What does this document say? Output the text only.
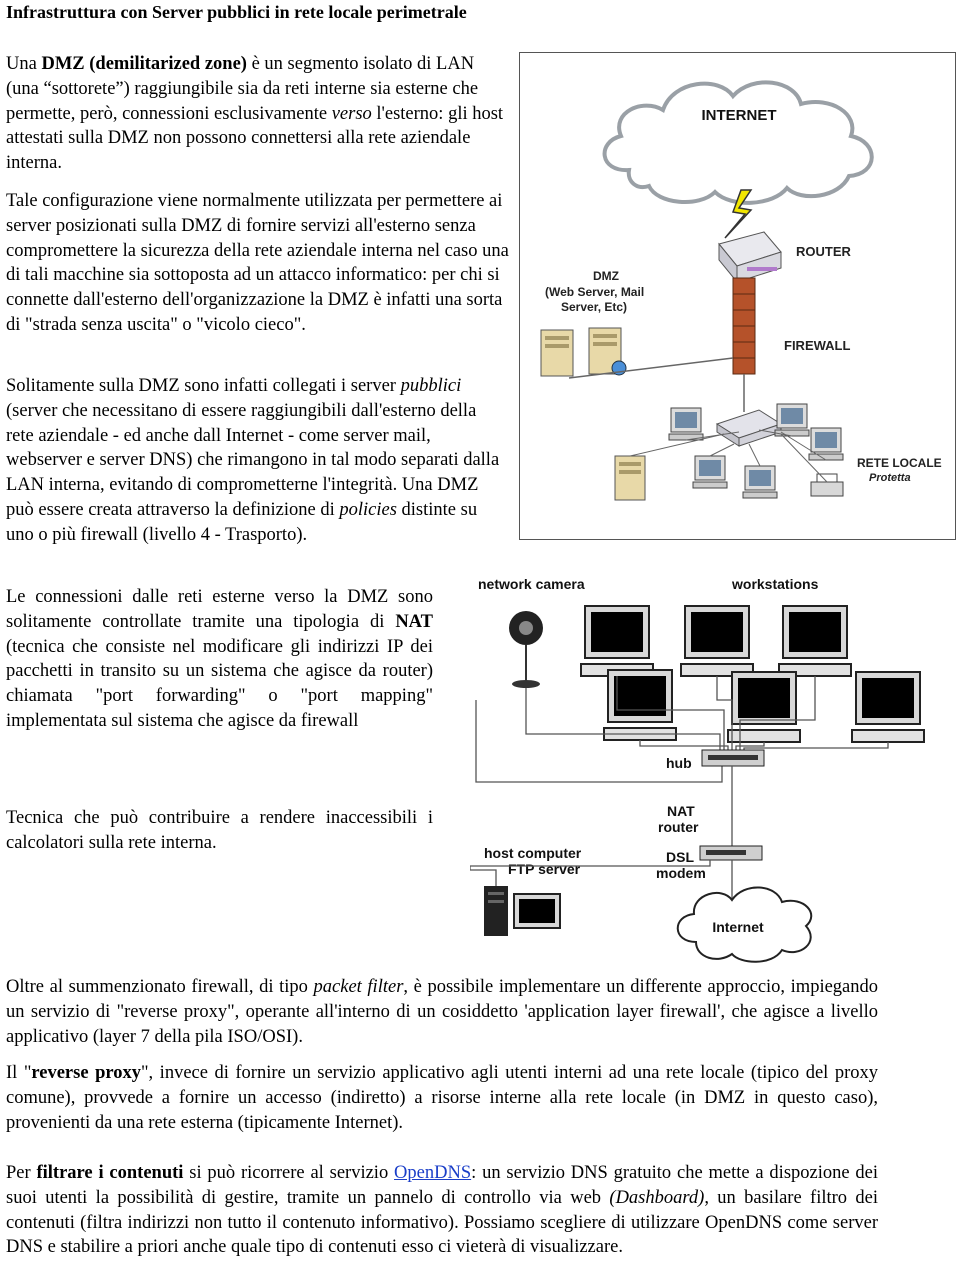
Infrastruttura con Server pubblici in rete locale perimetrale

Una DMZ (demilitarized zone) è un segmento isolato di LAN (una “sottorete”) raggiungibile sia da reti interne sia esterne che permette, però, connessioni esclusivamente verso l'esterno: gli host attestati sulla DMZ non possono connettersi alla rete aziendale interna.

Tale configurazione viene normalmente utilizzata per permettere ai server posizionati sulla DMZ di fornire servizi all'esterno senza compromettere la sicurezza della rete aziendale interna nel caso una di tali macchine sia sottoposta ad un attacco informatico: per chi si connette dall'esterno dell'organizzazione la DMZ è infatti una sorta di "strada senza uscita" o "vicolo cieco".

Solitamente sulla DMZ sono infatti collegati i server pubblici (server che necessitano di essere raggiungibili dall'esterno della rete aziendale - ed anche dall Internet - come server mail, webserver e server DNS) che rimangono in tal modo separati dalla LAN interna, evitando di comprometterne l'integrità. Una DMZ può essere creata attraverso la definizione di policies distinte su uno o più firewall (livello 4 - Trasporto).

Le connessioni dalle reti esterne verso la DMZ sono solitamente controllate tramite una tipologia di NAT (tecnica che consiste nel modificare gli indirizzi IP dei pacchetti in transito su un sistema che agisce da router) chiamata "port forwarding" o "port mapping" implementata sul sistema che agisce da firewall

Tecnica che può contribuire a rendere inaccessibili i calcolatori sulla rete interna.

Oltre al summenzionato firewall, di tipo packet filter, è possibile implementare un differente approccio, impiegando un servizio di "reverse proxy", operante all'interno di un cosiddetto 'application layer firewall', che agisce a livello applicativo (layer 7 della pila ISO/OSI).

Il "reverse proxy", invece di fornire un servizio applicativo agli utenti interni ad una rete locale (tipico del proxy comune), provvede a fornire un accesso (indiretto) a risorse interne alla rete locale (in DMZ in questo caso), provenienti da una rete esterna (tipicamente Internet).

Per filtrare i contenuti si può ricorrere al servizio OpenDNS: un servizio DNS gratuito che mette a dispozione dei suoi utenti la possibilità di gestire, tramite un pannelo di controllo via web (Dashboard), un basilare filtro dei contenuti (filtra indirizzi non tutto il contenuto informativo). Possiamo scegliere di utilizzare OpenDNS come server DNS e stabilire a priori anche quale tipo di contenuti esso ci vieterà di visualizzare.

INTERNET
ROUTER
DMZ
(Web Server, Mail
Server, Etc)
FIREWALL
RETE LOCALE
Protetta
network camera	workstations
hub
NAT
router
host computer
FTP server
DSL
modem
Internet
